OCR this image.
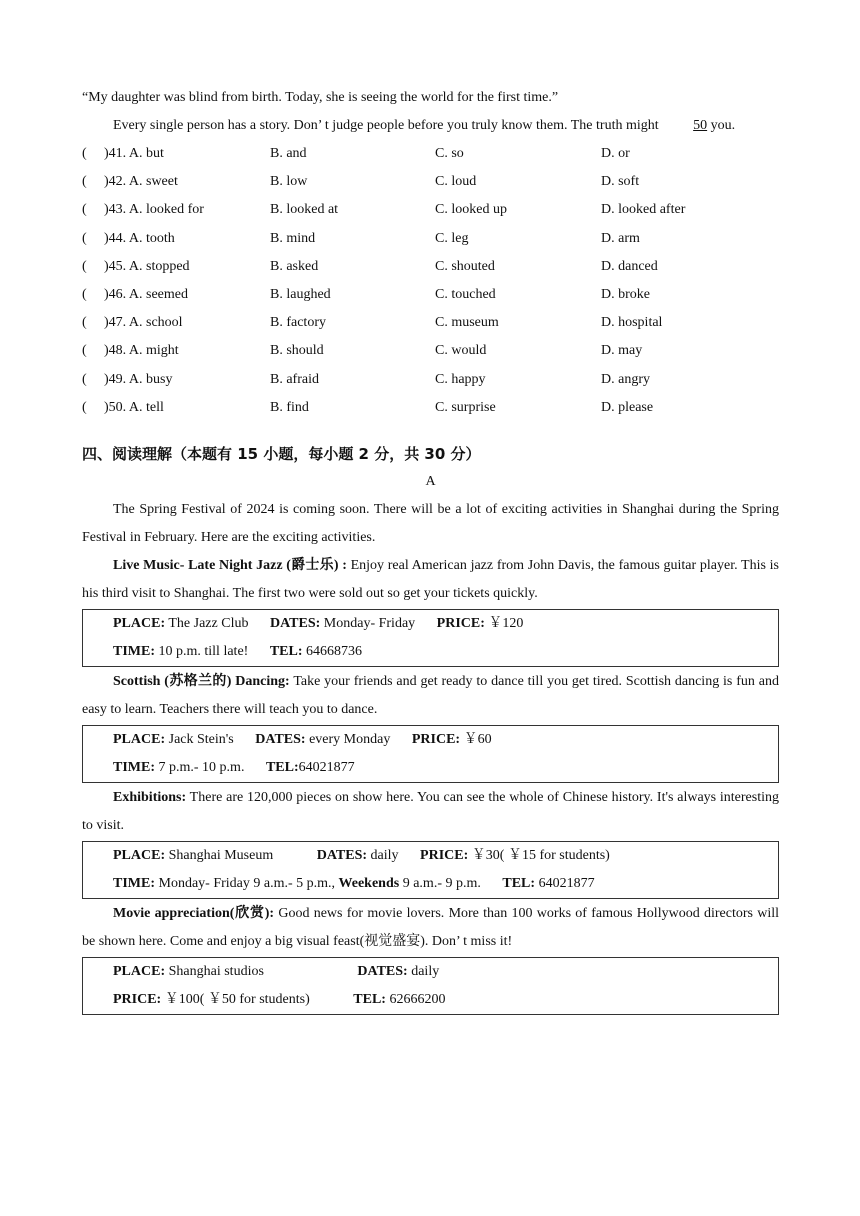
“My daughter was blind from birth. Today, she is seeing the world for the first time.”
Every single person has a story. Don’ t judge people before you truly know them. The truth might 50 you.
(	)41. A. but	B. and	C. so	D. or
(	)42. A. sweet	B. low	C. loud	D. soft
(	)43. A. looked for	B. looked at	C. looked up	D. looked after
(	)44. A. tooth	B. mind	C. leg	D. arm
(	)45. A. stopped	B. asked	C. shouted	D. danced
(	)46. A. seemed	B. laughed	C. touched	D. broke
(	)47. A. school	B. factory	C. museum	D. hospital
(	)48. A. might	B. should	C. would	D. may
(	)49. A. busy	B. afraid	C. happy	D. angry
(	)50. A. tell	B. find	C. surprise	D. please
四、阅读理解（本题有 15 小题，每小题 2 分，共 30 分）
A
The Spring Festival of 2024 is coming soon. There will be a lot of exciting activities in Shanghai during the Spring Festival in February. Here are the exciting activities.
Live Music- Late Night Jazz (爵士乐) : Enjoy real American jazz from John Davis, the famous guitar player. This is his third visit to Shanghai. The first two were sold out so get your tickets quickly.
PLACE: The Jazz Club DATES: Monday- Friday PRICE: ￥120
TIME: 10 p.m. till late! TEL: 64668736
Scottish (苏格兰的) Dancing: Take your friends and get ready to dance till you get tired. Scottish dancing is fun and easy to learn. Teachers there will teach you to dance.
PLACE: Jack Stein's DATES: every Monday PRICE: ￥60
TIME: 7 p.m.- 10 p.m. TEL:64021877
Exhibitions: There are 120,000 pieces on show here. You can see the whole of Chinese history. It's always interesting to visit.
PLACE: Shanghai Museum	DATES: daily PRICE: ￥30( ￥15 for students)
TIME: Monday- Friday 9 a.m.- 5 p.m., Weekends 9 a.m.- 9 p.m. TEL: 64021877
Movie appreciation(欣赏): Good news for movie lovers. More than 100 works of famous Hollywood directors will be shown here. Come and enjoy a big visual feast(视觉盛宴). Don’ t miss it!
PLACE: Shanghai studios	DATES: daily
PRICE: ￥100( ￥50 for students)	TEL: 62666200
